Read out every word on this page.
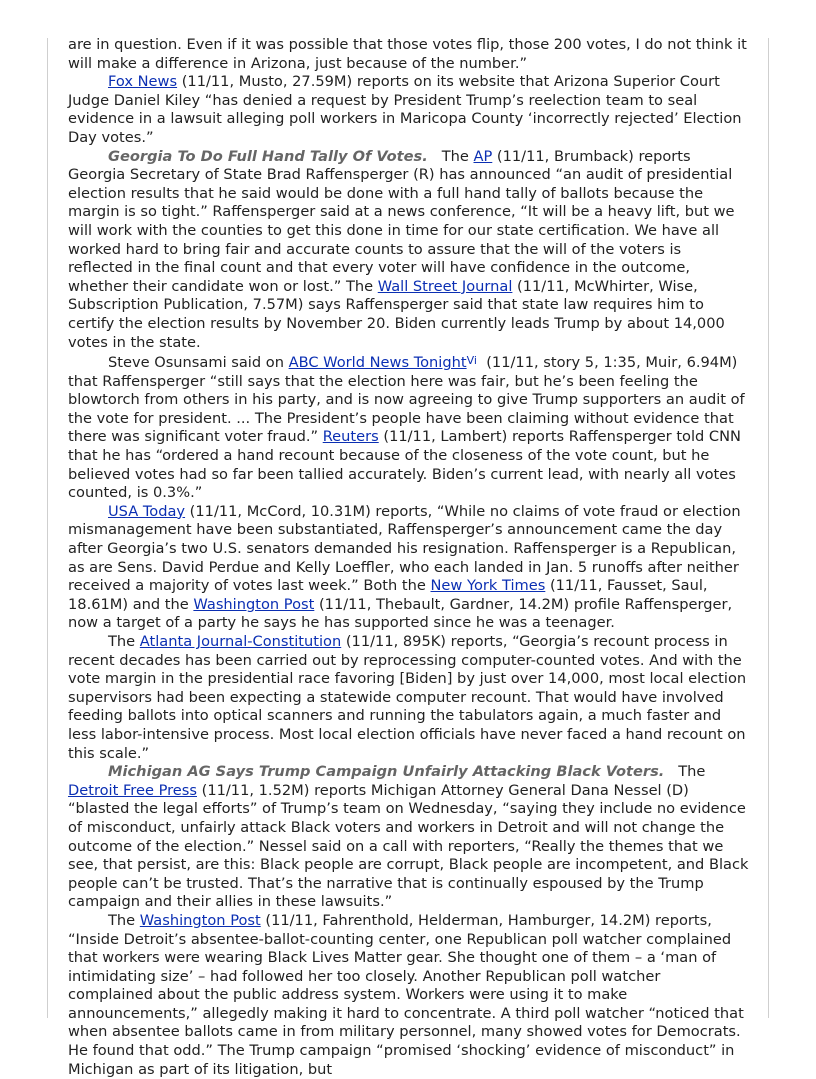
are in question. Even if it was possible that those votes flip, those 200 votes, I do not think it will make a difference in Arizona, just because of the number.”

Fox News (11/11, Musto, 27.59M) reports on its website that Arizona Superior Court Judge Daniel Kiley “has denied a request by President Trump’s reelection team to seal evidence in a lawsuit alleging poll workers in Maricopa County ‘incorrectly rejected’ Election Day votes.”

Georgia To Do Full Hand Tally Of Votes.   The AP (11/11, Brumback) reports Georgia Secretary of State Brad Raffensperger (R) has announced “an audit of presidential election results that he said would be done with a full hand tally of ballots because the margin is so tight.” Raffensperger said at a news conference, “It will be a heavy lift, but we will work with the counties to get this done in time for our state certification. We have all worked hard to bring fair and accurate counts to assure that the will of the voters is reflected in the final count and that every voter will have confidence in the outcome, whether their candidate won or lost.” The Wall Street Journal (11/11, McWhirter, Wise, Subscription Publication, 7.57M) says Raffensperger said that state law requires him to certify the election results by November 20. Biden currently leads Trump by about 14,000 votes in the state.

Steve Osunsami said on ABC World News Tonight$^{Vi}$  (11/11, story 5, 1:35, Muir, 6.94M) that Raffensperger “still says that the election here was fair, but he’s been feeling the blowtorch from others in his party, and is now agreeing to give Trump supporters an audit of the vote for president. ... The President’s people have been claiming without evidence that there was significant voter fraud.” Reuters (11/11, Lambert) reports Raffensperger told CNN that he has “ordered a hand recount because of the closeness of the vote count, but he believed votes had so far been tallied accurately. Biden’s current lead, with nearly all votes counted, is 0.3%.”

USA Today (11/11, McCord, 10.31M) reports, “While no claims of vote fraud or election mismanagement have been substantiated, Raffensperger’s announcement came the day after Georgia’s two U.S. senators demanded his resignation. Raffensperger is a Republican, as are Sens. David Perdue and Kelly Loeffler, who each landed in Jan. 5 runoffs after neither received a majority of votes last week.” Both the New York Times (11/11, Fausset, Saul, 18.61M) and the Washington Post (11/11, Thebault, Gardner, 14.2M) profile Raffensperger, now a target of a party he says he has supported since he was a teenager.

The Atlanta Journal-Constitution (11/11, 895K) reports, “Georgia’s recount process in recent decades has been carried out by reprocessing computer-counted votes. And with the vote margin in the presidential race favoring [Biden] by just over 14,000, most local election supervisors had been expecting a statewide computer recount. That would have involved feeding ballots into optical scanners and running the tabulators again, a much faster and less labor-intensive process. Most local election officials have never faced a hand recount on this scale.”

Michigan AG Says Trump Campaign Unfairly Attacking Black Voters.   The Detroit Free Press (11/11, 1.52M) reports Michigan Attorney General Dana Nessel (D) “blasted the legal efforts” of Trump’s team on Wednesday, “saying they include no evidence of misconduct, unfairly attack Black voters and workers in Detroit and will not change the outcome of the election.” Nessel said on a call with reporters, “Really the themes that we see, that persist, are this: Black people are corrupt, Black people are incompetent, and Black people can’t be trusted. That’s the narrative that is continually espoused by the Trump campaign and their allies in these lawsuits.”

The Washington Post (11/11, Fahrenthold, Helderman, Hamburger, 14.2M) reports, “Inside Detroit’s absentee-ballot-counting center, one Republican poll watcher complained that workers were wearing Black Lives Matter gear. She thought one of them – a ‘man of intimidating size’ – had followed her too closely. Another Republican poll watcher complained about the public address system. Workers were using it to make announcements,” allegedly making it hard to concentrate. A third poll watcher “noticed that when absentee ballots came in from military personnel, many showed votes for Democrats. He found that odd.” The Trump campaign “promised ‘shocking’ evidence of misconduct” in Michigan as part of its litigation, but
